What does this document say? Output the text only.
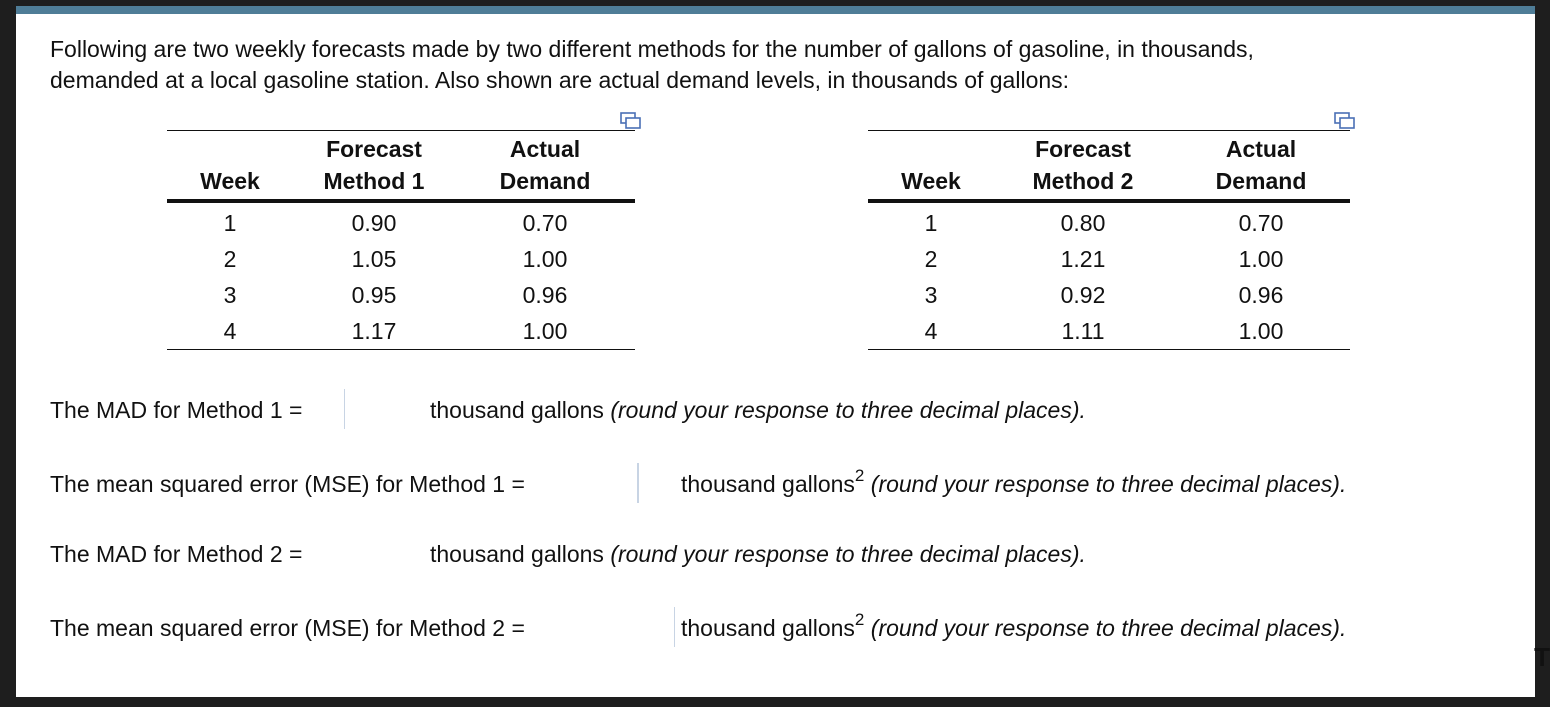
Following are two weekly forecasts made by two different methods for the number of gallons of gasoline, in thousands,
demanded at a local gasoline station. Also shown are actual demand levels, in thousands of gallons:

	Forecast	Actual
Week	Method 1	Demand
1	0.90	0.70
2	1.05	1.00
3	0.95	0.96
4	1.17	1.00
	Forecast	Actual
Week	Method 2	Demand
1	0.80	0.70
2	1.21	1.00
3	0.92	0.96
4	1.11	1.00
The MAD for Method 1 =	thousand gallons (round your response to three decimal places).
The mean squared error (MSE) for Method 1 =	thousand gallons$^2$ (round your response to three decimal places).
The MAD for Method 2 =	thousand gallons (round your response to three decimal places).
The mean squared error (MSE) for Method 2 =	thousand gallons$^2$ (round your response to three decimal places).
T
